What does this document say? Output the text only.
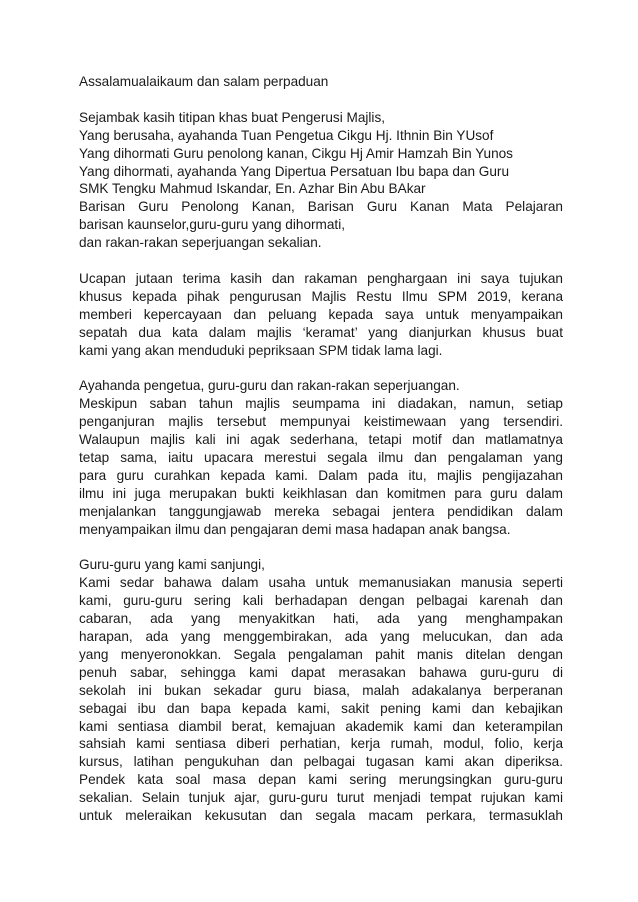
Assalamualaikaum dan salam perpaduan
Sejambak kasih titipan khas buat Pengerusi Majlis,
Yang berusaha, ayahanda Tuan Pengetua Cikgu Hj. Ithnin Bin YUsof
Yang dihormati Guru penolong kanan, Cikgu Hj Amir Hamzah Bin Yunos
Yang dihormati, ayahanda Yang Dipertua Persatuan Ibu bapa dan Guru
SMK Tengku Mahmud Iskandar, En. Azhar Bin Abu BAkar
Barisan Guru Penolong Kanan, Barisan Guru Kanan Mata Pelajaran
barisan kaunselor,guru-guru yang dihormati,
dan rakan-rakan seperjuangan sekalian.
Ucapan jutaan terima kasih dan rakaman penghargaan ini saya tujukan
khusus kepada pihak pengurusan Majlis Restu Ilmu SPM 2019, kerana
memberi kepercayaan dan peluang kepada saya untuk menyampaikan
sepatah dua kata dalam majlis ‘keramat’ yang dianjurkan khusus buat
kami yang akan menduduki pepriksaan SPM tidak lama lagi.
Ayahanda pengetua, guru-guru dan rakan-rakan seperjuangan.
Meskipun saban tahun majlis seumpama ini diadakan, namun, setiap
penganjuran majlis tersebut mempunyai keistimewaan yang tersendiri.
Walaupun majlis kali ini agak sederhana, tetapi motif dan matlamatnya
tetap sama, iaitu upacara merestui segala ilmu dan pengalaman yang
para guru curahkan kepada kami. Dalam pada itu, majlis pengijazahan
ilmu ini juga merupakan bukti keikhlasan dan komitmen para guru dalam
menjalankan tanggungjawab mereka sebagai jentera pendidikan dalam
menyampaikan ilmu dan pengajaran demi masa hadapan anak bangsa.
Guru-guru yang kami sanjungi,
Kami sedar bahawa dalam usaha untuk memanusiakan manusia seperti
kami, guru-guru sering kali berhadapan dengan pelbagai karenah dan
cabaran, ada yang menyakitkan hati, ada yang menghampakan
harapan, ada yang menggembirakan, ada yang melucukan, dan ada
yang menyeronokkan. Segala pengalaman pahit manis ditelan dengan
penuh sabar, sehingga kami dapat merasakan bahawa guru-guru di
sekolah ini bukan sekadar guru biasa, malah adakalanya berperanan
sebagai ibu dan bapa kepada kami, sakit pening kami dan kebajikan
kami sentiasa diambil berat, kemajuan akademik kami dan keterampilan
sahsiah kami sentiasa diberi perhatian, kerja rumah, modul, folio, kerja
kursus, latihan pengukuhan dan pelbagai tugasan kami akan diperiksa.
Pendek kata soal masa depan kami sering merungsingkan guru-guru
sekalian. Selain tunjuk ajar, guru-guru turut menjadi tempat rujukan kami
untuk meleraikan kekusutan dan segala macam perkara, termasuklah
